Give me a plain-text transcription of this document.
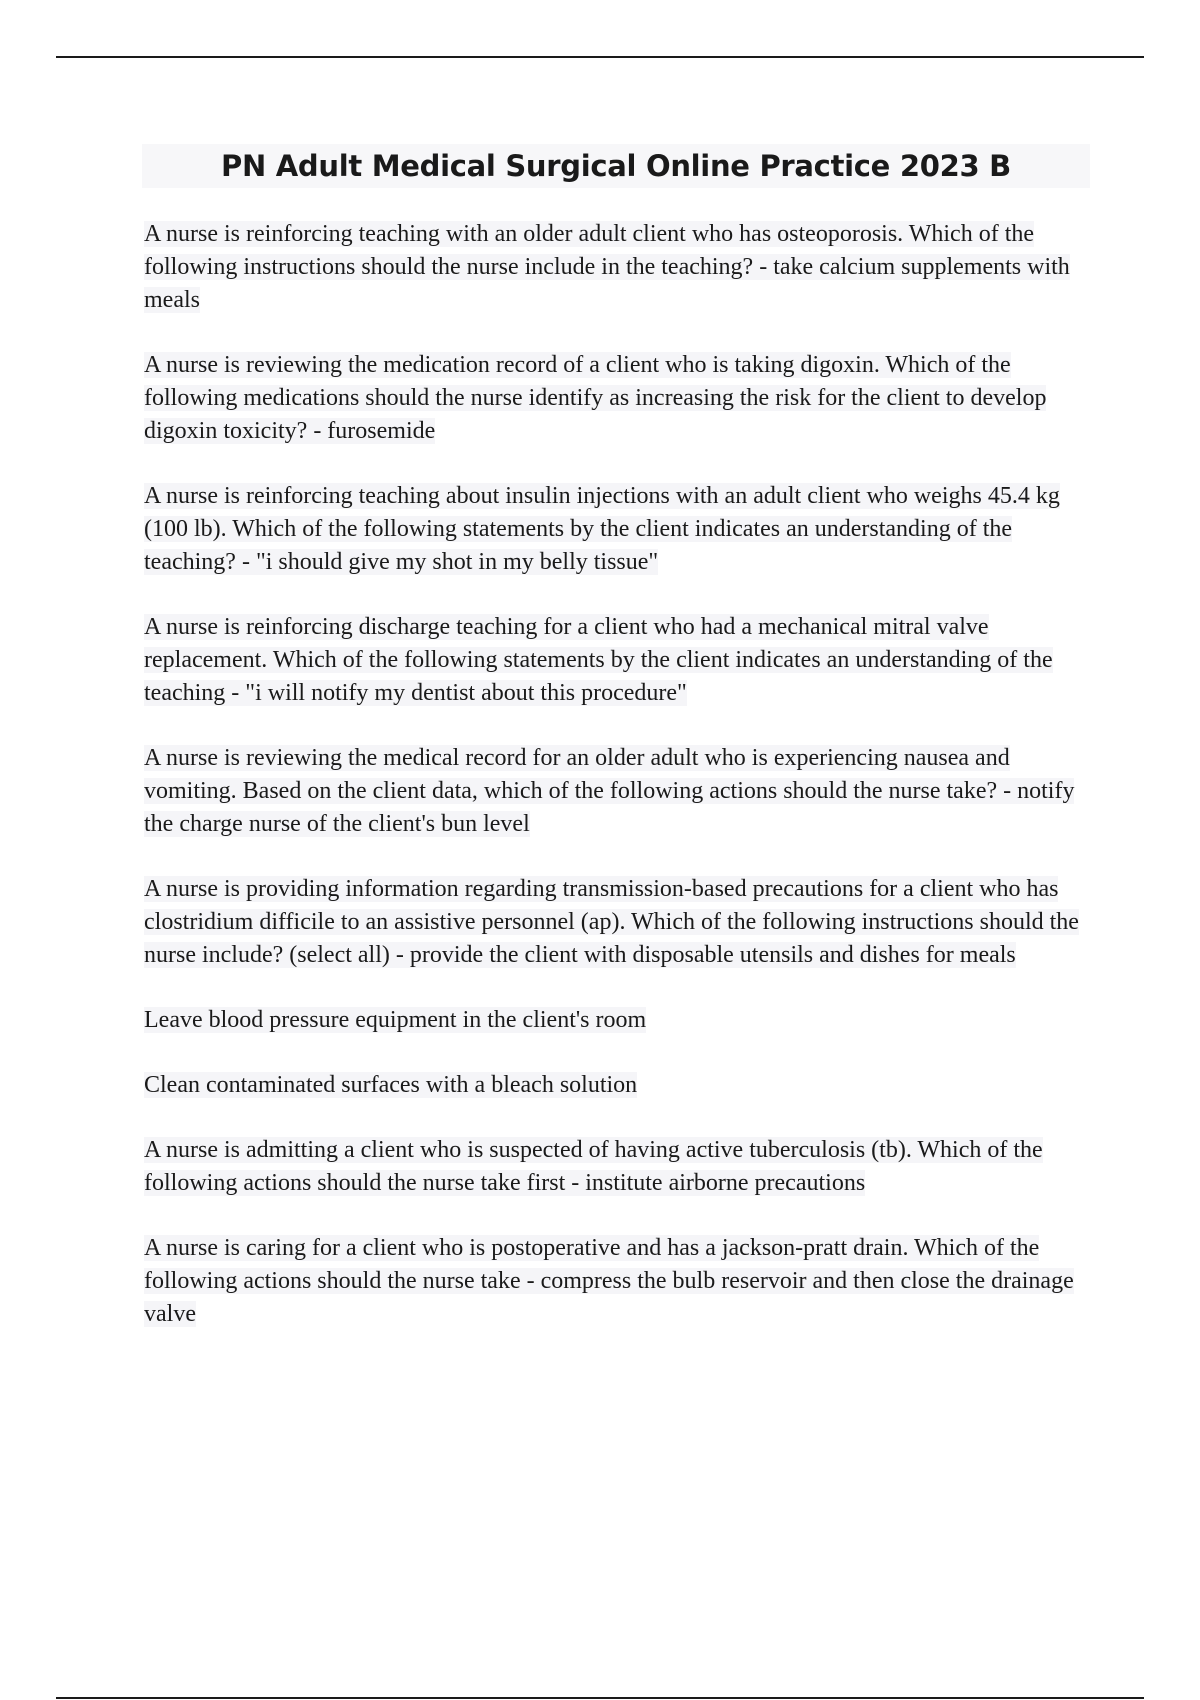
PN Adult Medical Surgical Online Practice 2023 B

A nurse is reinforcing teaching with an older adult client who has osteoporosis. Which of the following instructions should the nurse include in the teaching? - take calcium supplements with meals

A nurse is reviewing the medication record of a client who is taking digoxin. Which of the following medications should the nurse identify as increasing the risk for the client to develop digoxin toxicity? - furosemide

A nurse is reinforcing teaching about insulin injections with an adult client who weighs 45.4 kg (100 lb). Which of the following statements by the client indicates an understanding of the teaching? - "i should give my shot in my belly tissue"

A nurse is reinforcing discharge teaching for a client who had a mechanical mitral valve replacement. Which of the following statements by the client indicates an understanding of the teaching - "i will notify my dentist about this procedure"

A nurse is reviewing the medical record for an older adult who is experiencing nausea and vomiting. Based on the client data, which of the following actions should the nurse take? - notify the charge nurse of the client's bun level

A nurse is providing information regarding transmission-based precautions for a client who has clostridium difficile to an assistive personnel (ap). Which of the following instructions should the nurse include? (select all) - provide the client with disposable utensils and dishes for meals

Leave blood pressure equipment in the client's room

Clean contaminated surfaces with a bleach solution

A nurse is admitting a client who is suspected of having active tuberculosis (tb). Which of the following actions should the nurse take first - institute airborne precautions

A nurse is caring for a client who is postoperative and has a jackson-pratt drain. Which of the following actions should the nurse take - compress the bulb reservoir and then close the drainage valve
